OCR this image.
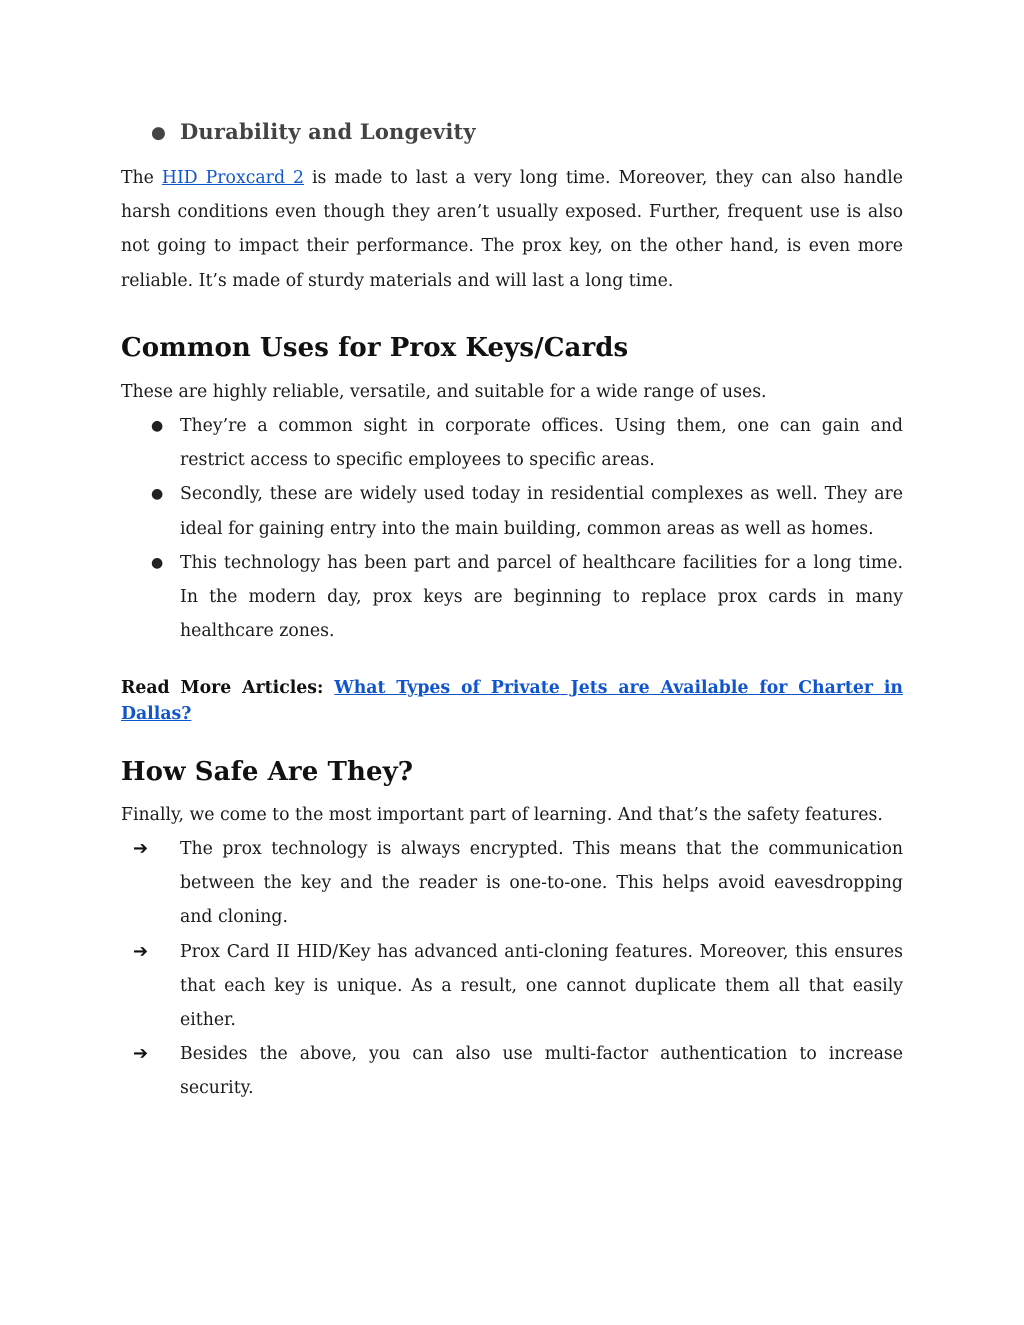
● Durability and Longevity

The HID Proxcard 2 is made to last a very long time. Moreover, they can also handle harsh conditions even though they aren’t usually exposed. Further, frequent use is also not going to impact their performance. The prox key, on the other hand, is even more reliable. It’s made of sturdy materials and will last a long time.

Common Uses for Prox Keys/Cards

These are highly reliable, versatile, and suitable for a wide range of uses.

● They’re a common sight in corporate offices. Using them, one can gain and restrict access to specific employees to specific areas.
● Secondly, these are widely used today in residential complexes as well. They are ideal for gaining entry into the main building, common areas as well as homes.
● This technology has been part and parcel of healthcare facilities for a long time. In the modern day, prox keys are beginning to replace prox cards in many healthcare zones.
Read More Articles: What Types of Private Jets are Available for Charter in Dallas?
How Safe Are They?

Finally, we come to the most important part of learning. And that’s the safety features.

➔ The prox technology is always encrypted. This means that the communication between the key and the reader is one-to-one. This helps avoid eavesdropping and cloning.
➔ Prox Card II HID/Key has advanced anti-cloning features. Moreover, this ensures that each key is unique. As a result, one cannot duplicate them all that easily either.
➔ Besides the above, you can also use multi-factor authentication to increase security.
